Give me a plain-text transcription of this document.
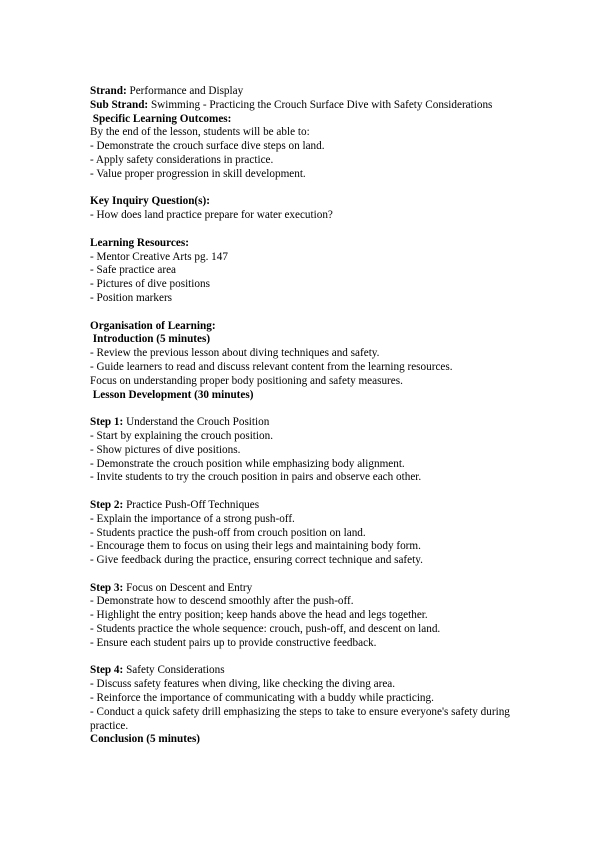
Strand: Performance and Display
Sub Strand: Swimming - Practicing the Crouch Surface Dive with Safety Considerations
Specific Learning Outcomes:
By the end of the lesson, students will be able to:
- Demonstrate the crouch surface dive steps on land.
- Apply safety considerations in practice.
- Value proper progression in skill development.
Key Inquiry Question(s):
- How does land practice prepare for water execution?
Learning Resources:
- Mentor Creative Arts pg. 147
- Safe practice area
- Pictures of dive positions
- Position markers
Organisation of Learning:
Introduction (5 minutes)
- Review the previous lesson about diving techniques and safety.
- Guide learners to read and discuss relevant content from the learning resources.
Focus on understanding proper body positioning and safety measures.
Lesson Development (30 minutes)
Step 1: Understand the Crouch Position
- Start by explaining the crouch position.
- Show pictures of dive positions.
- Demonstrate the crouch position while emphasizing body alignment.
- Invite students to try the crouch position in pairs and observe each other.
Step 2: Practice Push-Off Techniques
- Explain the importance of a strong push-off.
- Students practice the push-off from crouch position on land.
- Encourage them to focus on using their legs and maintaining body form.
- Give feedback during the practice, ensuring correct technique and safety.
Step 3: Focus on Descent and Entry
- Demonstrate how to descend smoothly after the push-off.
- Highlight the entry position; keep hands above the head and legs together.
- Students practice the whole sequence: crouch, push-off, and descent on land.
- Ensure each student pairs up to provide constructive feedback.
Step 4: Safety Considerations
- Discuss safety features when diving, like checking the diving area.
- Reinforce the importance of communicating with a buddy while practicing.
- Conduct a quick safety drill emphasizing the steps to take to ensure everyone's safety during practice.
Conclusion (5 minutes)
